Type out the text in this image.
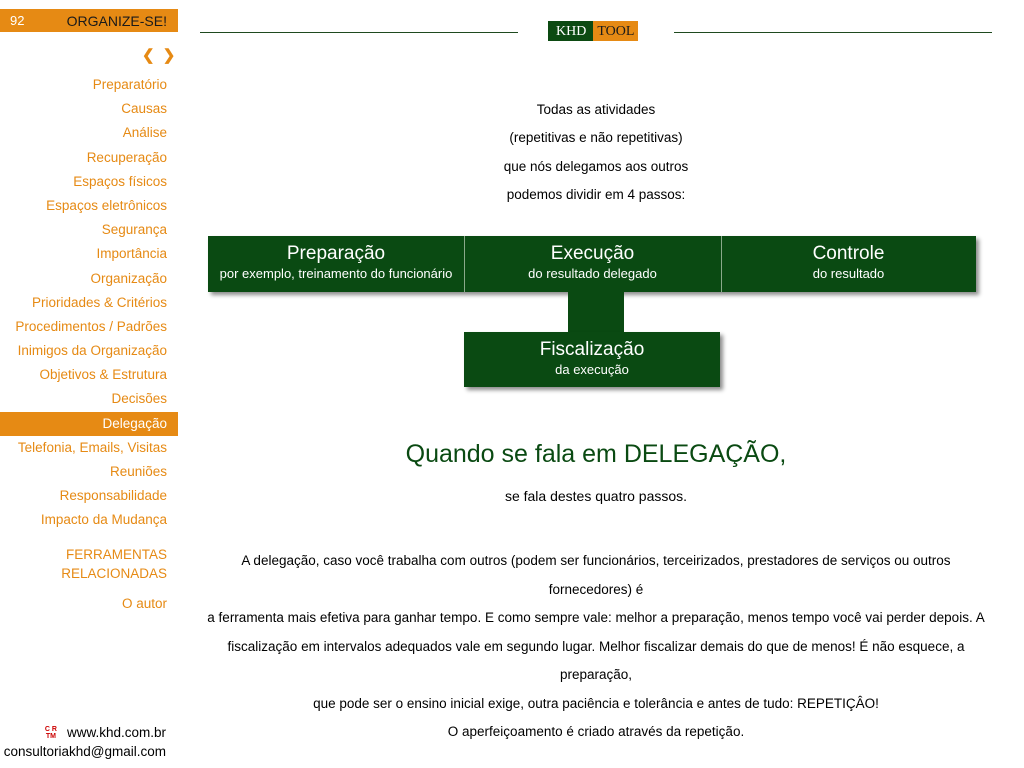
92	ORGANIZE-SE!
❮ ❯
Preparatório
Causas
Análise
Recuperação
Espaços físicos
Espaços eletrônicos
Segurança
Importância
Organização
Prioridades & Critérios
Procedimentos / Padrões
Inimigos da Organização
Objetivos & Estrutura
Decisões
Delegação
Telefonia, Emails, Visitas
Reuniões
Responsabilidade
Impacto da Mudança
FERRAMENTAS
RELACIONADAS
O autor
C R
TM www.khd.com.br
consultoriakhd@gmail.com
KHD TOOL
Todas as atividades
(repetitivas e não repetitivas)
que nós delegamos aos outros
podemos dividir em 4 passos:
Preparação
por exemplo, treinamento do funcionário
Execução
do resultado delegado
Controle
do resultado
Fiscalização
da execução
Quando se fala em DELEGAÇÃO,
se fala destes quatro passos.
A delegação, caso você trabalha com outros (podem ser funcionários, terceirizados, prestadores de serviços ou outros fornecedores) é
a ferramenta mais efetiva para ganhar tempo. E como sempre vale: melhor a preparação, menos tempo você vai perder depois. A
fiscalização em intervalos adequados vale em segundo lugar. Melhor fiscalizar demais do que de menos! É não esquece, a preparação,
que pode ser o ensino inicial exige, outra paciência e tolerância e antes de tudo: REPETIÇÂO!
O aperfeiçoamento é criado através da repetição.
